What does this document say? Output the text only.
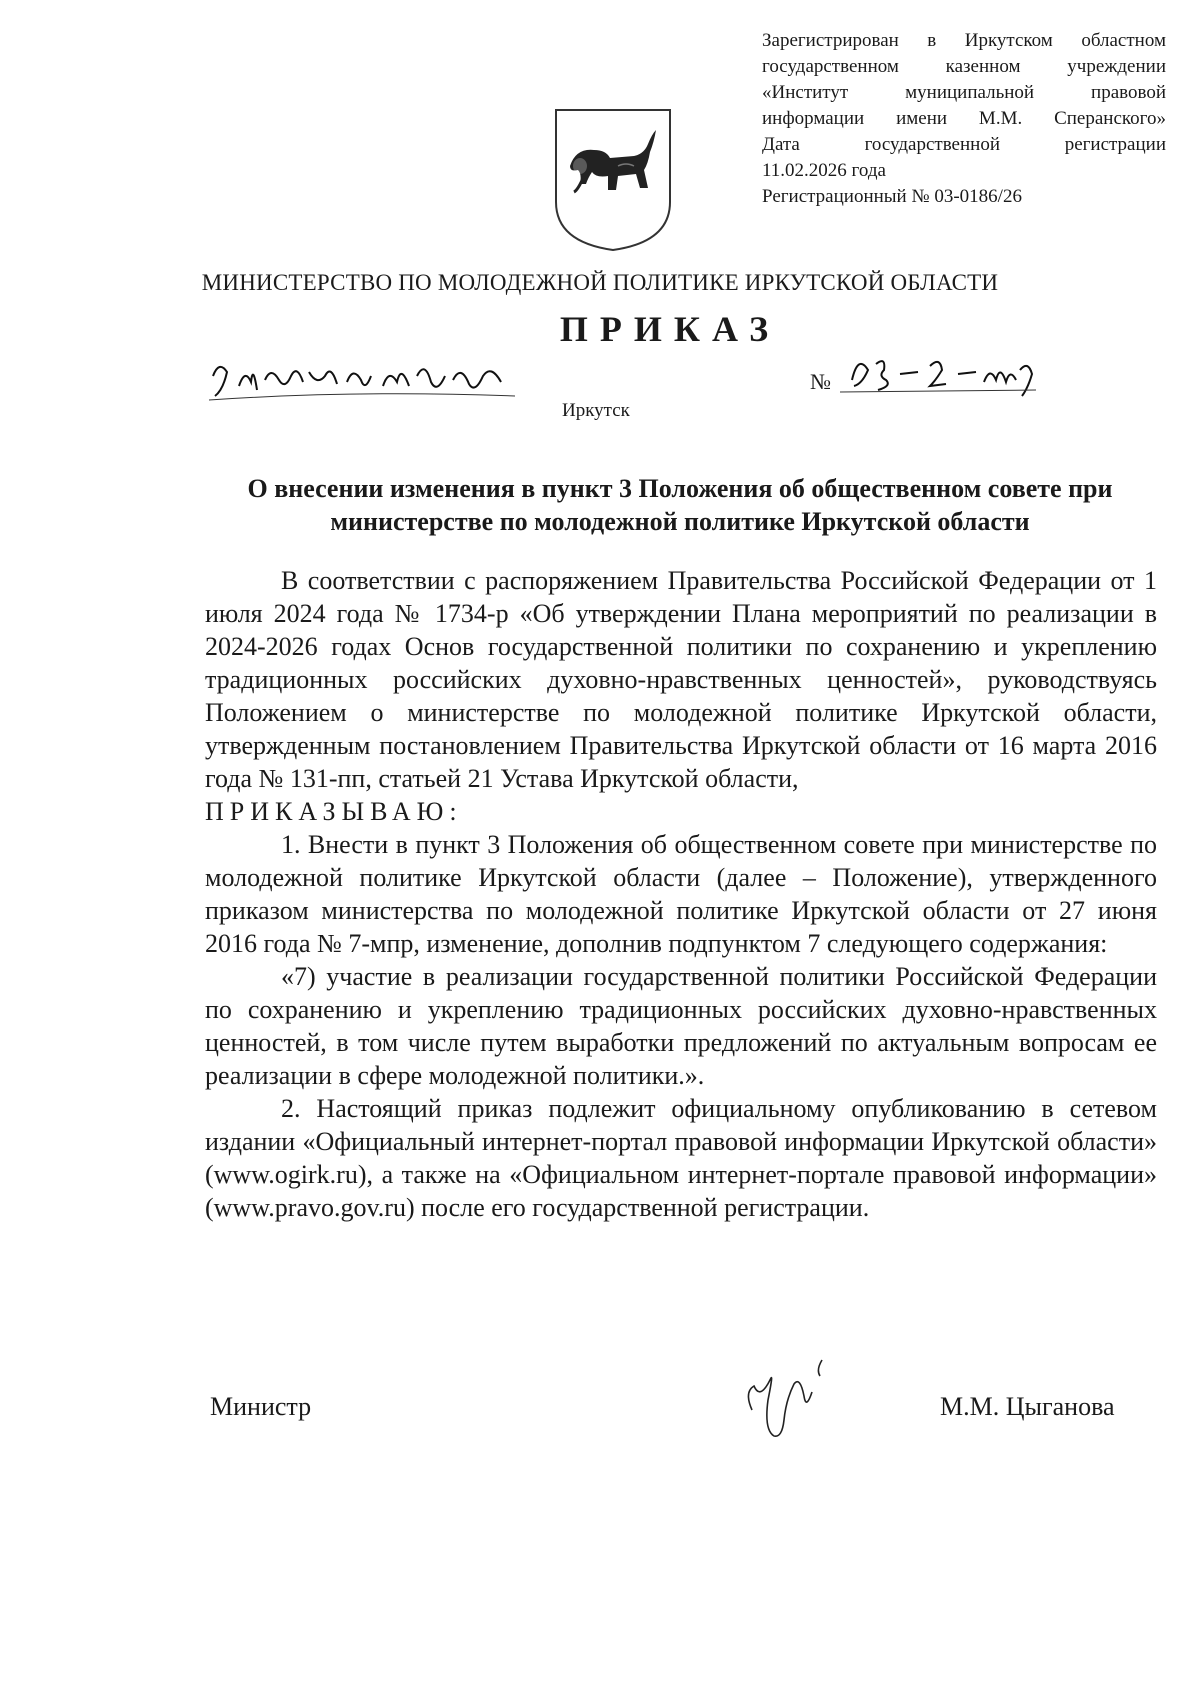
Зарегистрирован в Иркутском областном
государственном казенном учреждении
«Институт муниципальной правовой
информации имени М.М. Сперанского»
Дата государственной регистрации
11.02.2026 года
Регистрационный № 03-0186/26
МИНИСТЕРСТВО ПО МОЛОДЕЖНОЙ ПОЛИТИКЕ ИРКУТСКОЙ ОБЛАСТИ
ПРИКАЗ
№
Иркутск
О внесении изменения в пункт 3 Положения об общественном совете при
министерстве по молодежной политике Иркутской области

В соответствии с распоряжением Правительства Российской Федерации от 1 июля 2024 года № 1734-р «Об утверждении Плана мероприятий по реализации в 2024-2026 годах Основ государственной политики по сохранению и укреплению традиционных российских духовно-нравственных ценностей», руководствуясь Положением о министерстве по молодежной политике Иркутской области, утвержденным постановлением Правительства Иркутской области от 16 марта 2016 года № 131-пп, статьей 21 Устава Иркутской области,

ПРИКАЗЫВАЮ:

1. Внести в пункт 3 Положения об общественном совете при министерстве по молодежной политике Иркутской области (далее – Положение), утвержденного приказом министерства по молодежной политике Иркутской области от 27 июня 2016 года № 7-мпр, изменение, дополнив подпунктом 7 следующего содержания:

«7) участие в реализации государственной политики Российской Федерации по сохранению и укреплению традиционных российских духовно-нравственных ценностей, в том числе путем выработки предложений по актуальным вопросам ее реализации в сфере молодежной политики.».

2. Настоящий приказ подлежит официальному опубликованию в сетевом издании «Официальный интернет-портал правовой информации Иркутской области» (www.ogirk.ru), а также на «Официальном интернет-портале правовой информации» (www.pravo.gov.ru) после его государственной регистрации.

Министр	М.М. Цыганова
